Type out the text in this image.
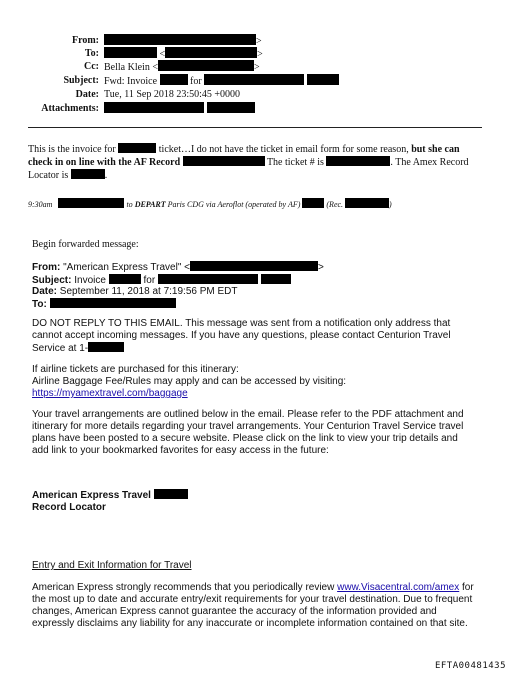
From:	>
To:	<	>
Cc: Bella Klein <	>
Subject: Fwd: Invoice	for
Date: Tue, 11 Sep 2018 23:50:45 +0000
Attachments:

This is the invoice for	ticket…I do not have the ticket in email form for some reason, but she can
check in on line with the AF Record	The ticket # is	. The Amex Record
Locator is	.
9:30am	to DEPART Paris CDG via Aeroflot (operated by AF)	(Rec.	)
Begin forwarded message:
From: "American Express Travel" <	>
Subject: Invoice	for
Date: September 11, 2018 at 7:19:56 PM EDT
To:
DO NOT REPLY TO THIS EMAIL. This message was sent from a notification only address that
cannot accept incoming messages. If you have any questions, please contact Centurion Travel
Service at 1-
If airline tickets are purchased for this itinerary:
Airline Baggage Fee/Rules may apply and can be accessed by visiting:
https://myamextravel.com/baggage
Your travel arrangements are outlined below in the email. Please refer to the PDF attachment and
itinerary for more details regarding your travel arrangements. Your Centurion Travel Service travel
plans have been posted to a secure website. Please click on the link to view your trip details and
add link to your bookmarked favorites for easy access in the future:
American Express Travel
Record Locator
Entry and Exit Information for Travel
American Express strongly recommends that you periodically review www.Visacentral.com/amex for
the most up to date and accurate entry/exit requirements for your travel destination. Due to frequent
changes, American Express cannot guarantee the accuracy of the information provided and
expressly disclaims any liability for any inaccurate or incomplete information contained on that site.
EFTA00481435
